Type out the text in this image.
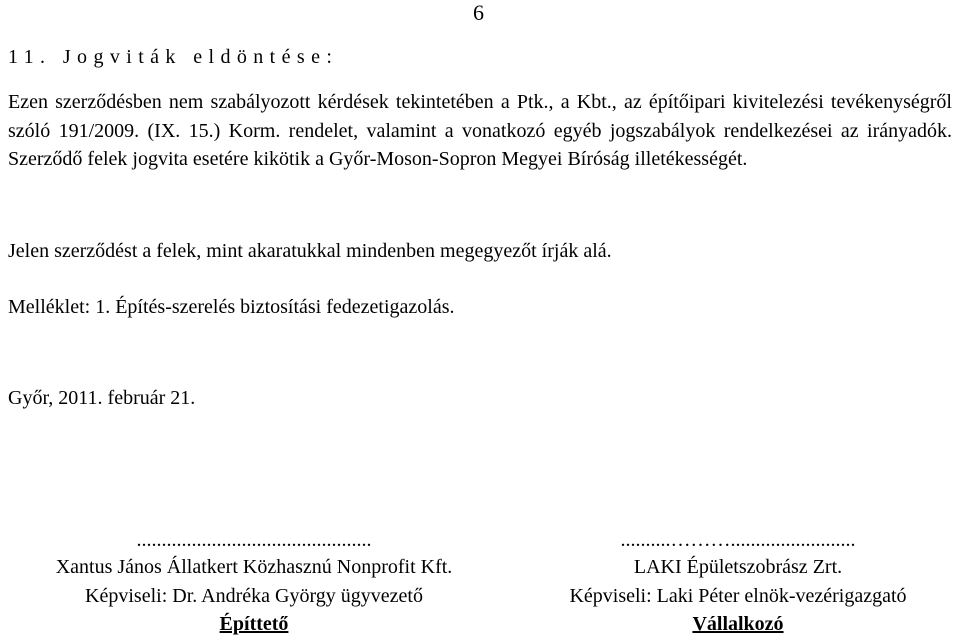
6
11. Jogviták eldöntése:
Ezen szerződésben nem szabályozott kérdések tekintetében a Ptk., a Kbt., az építőipari kivitelezési tevékenységről szóló 191/2009. (IX. 15.) Korm. rendelet, valamint a vonatkozó egyéb jogszabályok rendelkezései az irányadók. Szerződő felek jogvita esetére kikötik a Győr-Moson-Sopron Megyei Bíróság illetékességét.
Jelen szerződést a felek, mint akaratukkal mindenben megegyezőt írják alá.
Melléklet: 1. Építés-szerelés biztosítási fedezetigazolás.
Győr, 2011. február 21.
...............................................
Xantus János Állatkert Közhasznú Nonprofit Kft.
Képviseli: Dr. Andréka György ügyvezető
Építtető
..........……….........................
LAKI Épületszobrász Zrt.
Képviseli: Laki Péter elnök-vezérigazgató
Vállalkozó
